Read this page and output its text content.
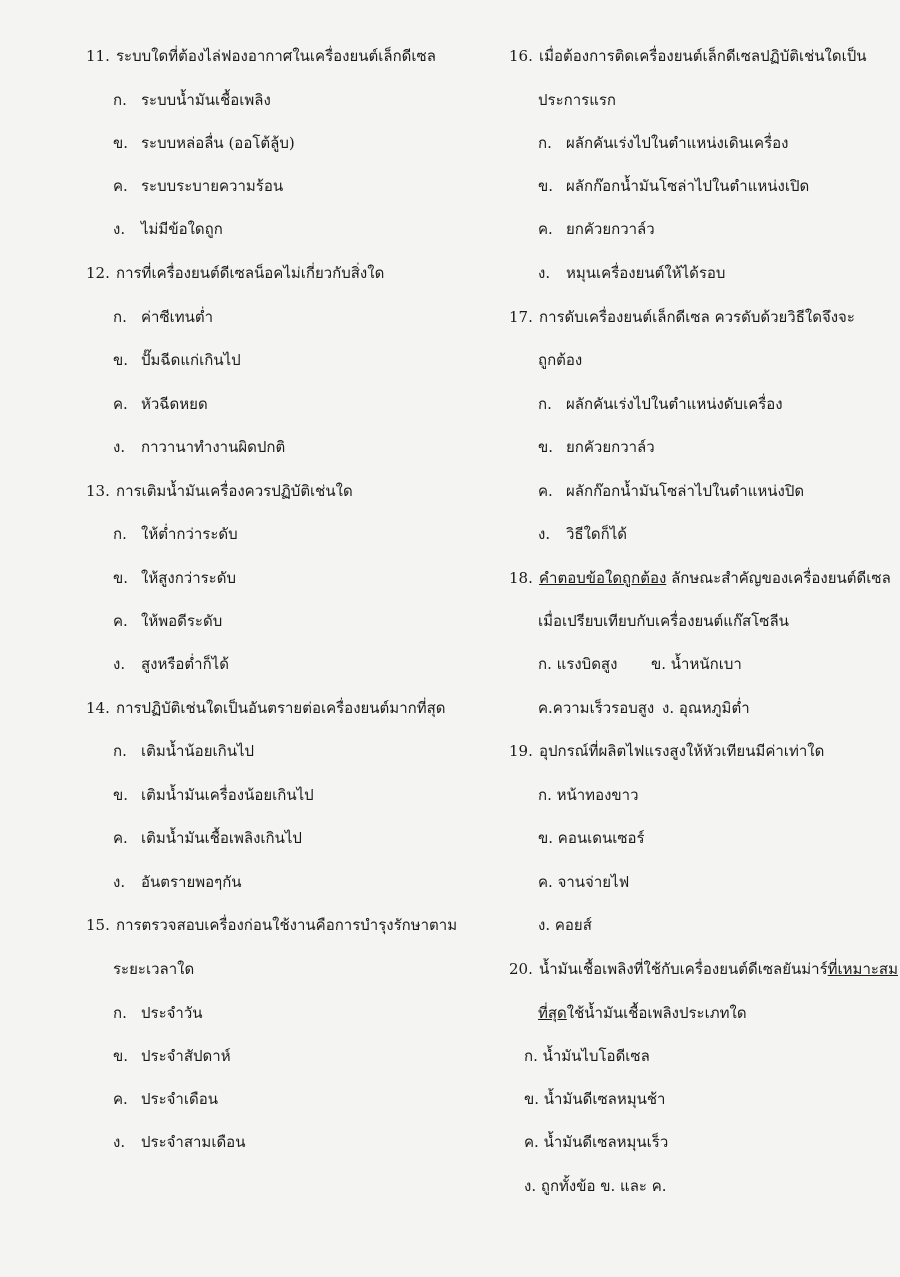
11. ระบบใดที่ต้องไล่ฟองอากาศในเครื่องยนต์เล็กดีเซล
ก. ระบบน้ำมันเชื้อเพลิง
ข. ระบบหล่อลื่น (ออโต้ลู้บ)
ค. ระบบระบายความร้อน
ง. ไม่มีข้อใดถูก
12. การที่เครื่องยนต์ดีเซลน็อคไม่เกี่ยวกับสิ่งใด
ก. ค่าซีเทนต่ำ
ข. ปั๊มฉีดแก่เกินไป
ค. หัวฉีดหยด
ง. กาวานาทำงานผิดปกติ
13. การเติมน้ำมันเครื่องควรปฏิบัติเช่นใด
ก. ให้ต่ำกว่าระดับ
ข. ให้สูงกว่าระดับ
ค. ให้พอดีระดับ
ง. สูงหรือต่ำก็ได้
14. การปฏิบัติเช่นใดเป็นอันตรายต่อเครื่องยนต์มากที่สุด
ก. เติมน้ำน้อยเกินไป
ข. เติมน้ำมันเครื่องน้อยเกินไป
ค. เติมน้ำมันเชื้อเพลิงเกินไป
ง. อันตรายพอๆกัน
15. การตรวจสอบเครื่องก่อนใช้งานคือการบำรุงรักษาตาม
ระยะเวลาใด
ก. ประจำวัน
ข. ประจำสัปดาห์
ค. ประจำเดือน
ง. ประจำสามเดือน
16. เมื่อต้องการติดเครื่องยนต์เล็กดีเซลปฏิบัติเช่นใดเป็น
ประการแรก
ก. ผลักคันเร่งไปในตำแหน่งเดินเครื่อง
ข. ผลักก๊อกน้ำมันโซล่าไปในตำแหน่งเปิด
ค. ยกคัวยกวาล์ว
ง. หมุนเครื่องยนต์ให้ได้รอบ
17. การดับเครื่องยนต์เล็กดีเซล ควรดับด้วยวิธีใดจึงจะ
ถูกต้อง
ก. ผลักคันเร่งไปในตำแหน่งดับเครื่อง
ข. ยกคัวยกวาล์ว
ค. ผลักก๊อกน้ำมันโซล่าไปในตำแหน่งปิด
ง. วิธีใดก็ได้
18. คำตอบข้อใดถูกต้อง ลักษณะสำคัญของเครื่องยนต์ดีเซล
เมื่อเปรียบเทียบกับเครื่องยนต์แก๊สโซลีน
ก. แรงบิดสูง ข. น้ำหนักเบา
ค.ความเร็วรอบสูง ง. อุณหภูมิต่ำ
19. อุปกรณ์ที่ผลิตไฟแรงสูงให้หัวเทียนมีค่าเท่าใด
ก. หน้าทองขาว
ข. คอนเดนเซอร์
ค. จานจ่ายไฟ
ง. คอยส์
20. น้ำมันเชื้อเพลิงที่ใช้กับเครื่องยนต์ดีเซลยันม่าร์ที่เหมาะสม
ที่สุดใช้น้ำมันเชื้อเพลิงประเภทใด
ก. น้ำมันไบโอดีเซล
ข. น้ำมันดีเซลหมุนช้า
ค. น้ำมันดีเซลหมุนเร็ว
ง. ถูกทั้งข้อ ข. และ ค.
